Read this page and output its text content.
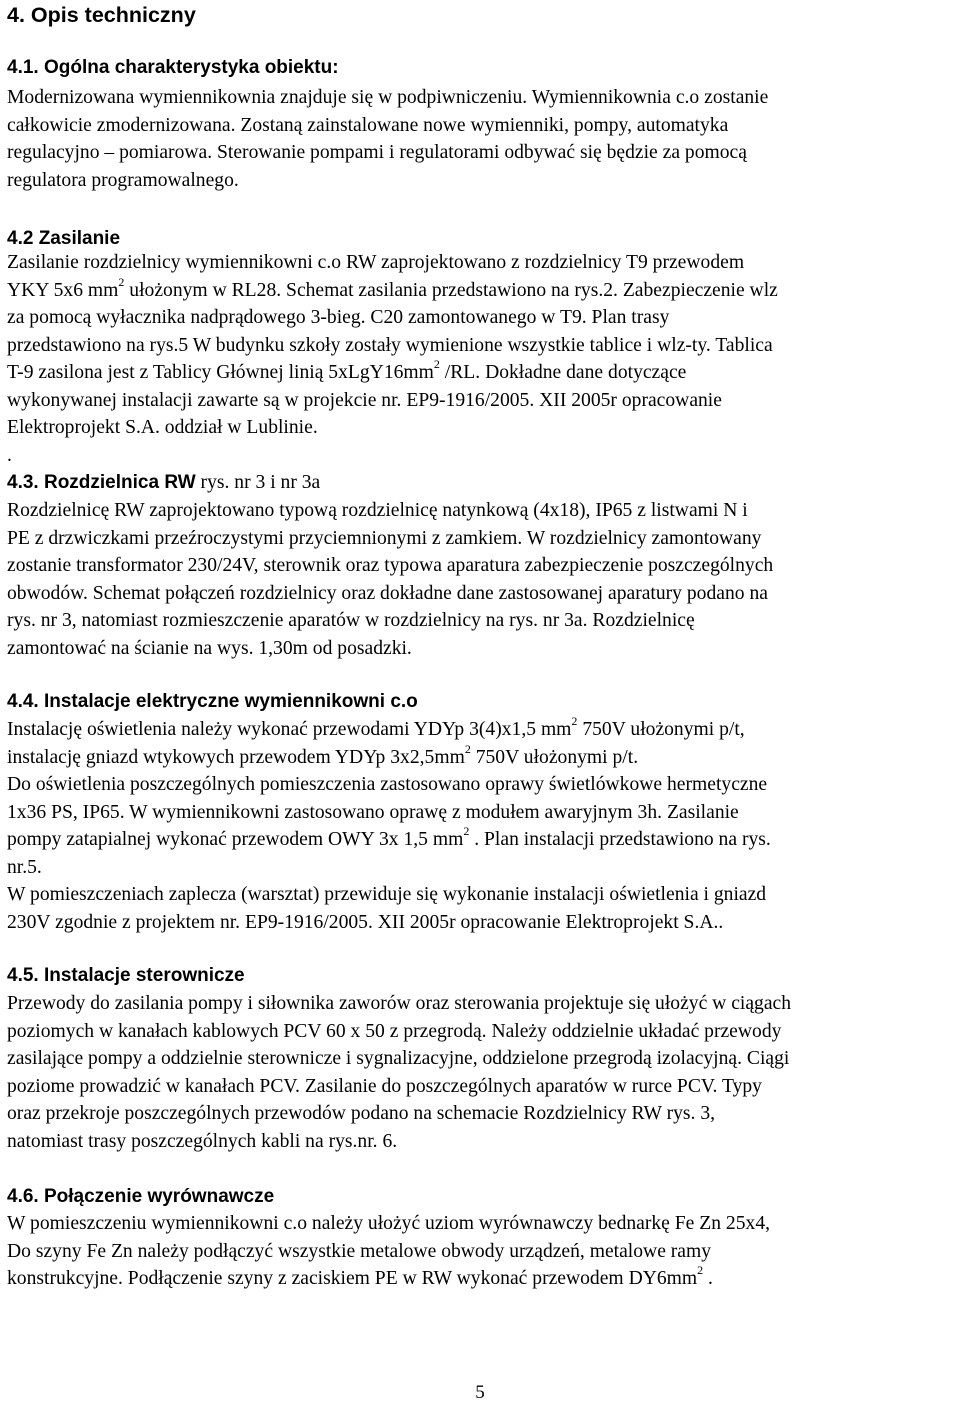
4. Opis techniczny
4.1. Ogólna charakterystyka obiektu:
Modernizowana wymiennikownia znajduje się w podpiwniczeniu. Wymiennikownia c.o zostanie
całkowicie zmodernizowana. Zostaną zainstalowane nowe wymienniki, pompy, automatyka
regulacyjno – pomiarowa. Sterowanie pompami i regulatorami odbywać się będzie za pomocą
regulatora programowalnego.
4.2 Zasilanie
Zasilanie rozdzielnicy wymiennikowni c.o RW zaprojektowano z rozdzielnicy T9 przewodem
YKY 5x6 $mm^2$ ułożonym w RL28. Schemat zasilania przedstawiono na rys.2. Zabezpieczenie wlz
za pomocą wyłacznika nadprądowego 3-bieg. C20 zamontowanego w T9. Plan trasy
przedstawiono na rys.5 W budynku szkoły zostały wymienione wszystkie tablice i wlz-ty. Tablica
T-9 zasilona jest z Tablicy Głównej linią $5xLgY16mm^2$ /RL. Dokładne dane dotyczące
wykonywanej instalacji zawarte są w projekcie nr. EP9-1916/2005. XII 2005r opracowanie
Elektroprojekt S.A. oddział w Lublinie.
.
4.3. Rozdzielnica RW rys. nr 3 i nr 3a
Rozdzielnicę RW zaprojektowano typową rozdzielnicę natynkową (4x18), IP65 z listwami N i
PE z drzwiczkami przeźroczystymi przyciemnionymi z zamkiem. W rozdzielnicy zamontowany
zostanie transformator 230/24V, sterownik oraz typowa aparatura zabezpieczenie poszczególnych
obwodów. Schemat połączeń rozdzielnicy oraz dokładne dane zastosowanej aparatury podano na
rys. nr 3, natomiast rozmieszczenie aparatów w rozdzielnicy na rys. nr 3a. Rozdzielnicę
zamontować na ścianie na wys. 1,30m od posadzki.
4.4. Instalacje elektryczne wymiennikowni c.o
Instalację oświetlenia należy wykonać przewodami YDYp 3(4)x1,5 $mm^2$ 750V ułożonymi p/t,
instalację gniazd wtykowych przewodem YDYp $3x2,5mm^2$ 750V ułożonymi p/t.
Do oświetlenia poszczególnych pomieszczenia zastosowano oprawy świetlówkowe hermetyczne
1x36 PS, IP65. W wymiennikowni zastosowano oprawę z modułem awaryjnym 3h. Zasilanie
pompy zatapialnej wykonać przewodem OWY 3x 1,5 $mm^2$ . Plan instalacji przedstawiono na rys.
nr.5.
W pomieszczeniach zaplecza (warsztat) przewiduje się wykonanie instalacji oświetlenia i gniazd
230V zgodnie z projektem nr. EP9-1916/2005. XII 2005r opracowanie Elektroprojekt S.A..
4.5. Instalacje sterownicze
Przewody do zasilania pompy i siłownika zaworów oraz sterowania projektuje się ułożyć w ciągach
poziomych w kanałach kablowych PCV 60 x 50 z przegrodą. Należy oddzielnie układać przewody
zasilające pompy a oddzielnie sterownicze i sygnalizacyjne, oddzielone przegrodą izolacyjną. Ciągi
poziome prowadzić w kanałach PCV. Zasilanie do poszczególnych aparatów w rurce PCV. Typy
oraz przekroje poszczególnych przewodów podano na schemacie Rozdzielnicy RW rys. 3,
natomiast trasy poszczególnych kabli na rys.nr. 6.
4.6. Połączenie wyrównawcze
W pomieszczeniu wymiennikowni c.o należy ułożyć uziom wyrównawczy bednarkę Fe Zn 25x4,
Do szyny Fe Zn należy podłączyć wszystkie metalowe obwody urządzeń, metalowe ramy
konstrukcyjne. Podłączenie szyny z zaciskiem PE w RW wykonać przewodem $DY6mm^2$ .
5
